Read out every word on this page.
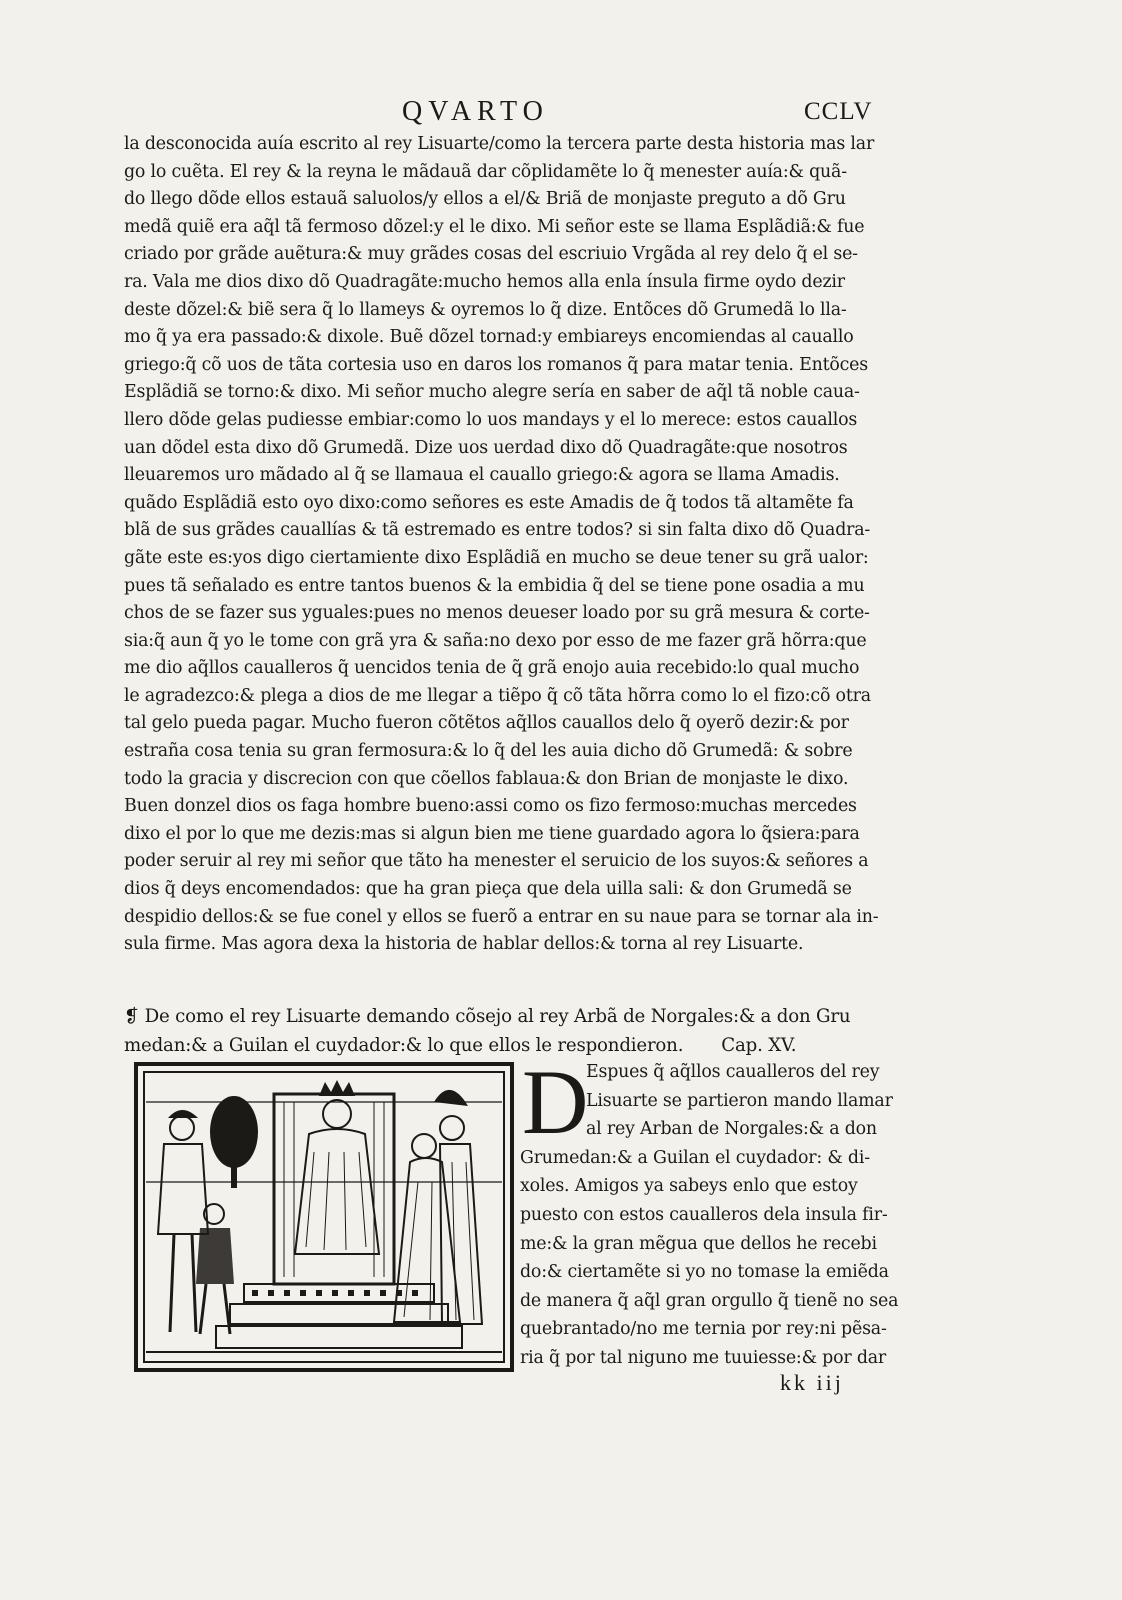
QVARTO	CCLV
la desconocida auía escrito al rey Lisuarte/como la tercera parte desta historia mas lar
go lo cuẽta. El rey & la reyna le mãdauã dar cõplidamẽte lo q̃ menester auía:& quã-
do llego dõde ellos estauã saluolos/y ellos a el/& Briã de monjaste preguto a dõ Gru
medã quiẽ era aq̃l tã fermoso dõzel:y el le dixo. Mi señor este se llama Esplãdiã:& fue
criado por grãde auẽtura:& muy grãdes cosas del escriuio Vrgãda al rey delo q̃ el se-
ra. Vala me dios dixo dõ Quadragãte:mucho hemos alla enla ínsula firme oydo dezir
deste dõzel:& biẽ sera q̃ lo llameys & oyremos lo q̃ dize. Entõces dõ Grumedã lo lla-
mo q̃ ya era passado:& dixole. Buẽ dõzel tornad:y embiareys encomiendas al cauallo
griego:q̃ cõ uos de tãta cortesia uso en daros los romanos q̃ para matar tenia. Entõces
Esplãdiã se torno:& dixo. Mi señor mucho alegre sería en saber de aq̃l tã noble caua-
llero dõde gelas pudiesse embiar:como lo uos mandays y el lo merece: estos cauallos
uan dõdel esta dixo dõ Grumedã. Dize uos uerdad dixo dõ Quadragãte:que nosotros
lleuaremos uro mãdado al q̃ se llamaua el cauallo griego:& agora se llama Amadis.
quãdo Esplãdiã esto oyo dixo:como señores es este Amadis de q̃ todos tã altamẽte fa
blã de sus grãdes cauallías & tã estremado es entre todos? si sin falta dixo dõ Quadra-
gãte este es:yos digo ciertamiente dixo Esplãdiã en mucho se deue tener su grã ualor:
pues tã señalado es entre tantos buenos & la embidia q̃ del se tiene pone osadia a mu
chos de se fazer sus yguales:pues no menos deueser loado por su grã mesura & corte-
sia:q̃ aun q̃ yo le tome con grã yra & saña:no dexo por esso de me fazer grã hõrra:que
me dio aq̃llos caualleros q̃ uencidos tenia de q̃ grã enojo auia recebido:lo qual mucho
le agradezco:& plega a dios de me llegar a tiẽpo q̃ cõ tãta hõrra como lo el fizo:cõ otra
tal gelo pueda pagar. Mucho fueron cõtẽtos aq̃llos cauallos delo q̃ oyerõ dezir:& por
estraña cosa tenia su gran fermosura:& lo q̃ del les auia dicho dõ Grumedã: & sobre
todo la gracia y discrecion con que cõellos fablaua:& don Brian de monjaste le dixo.
Buen donzel dios os faga hombre bueno:assi como os fizo fermoso:muchas mercedes
dixo el por lo que me dezis:mas si algun bien me tiene guardado agora lo q̃siera:para
poder seruir al rey mi señor que tãto ha menester el seruicio de los suyos:& señores a
dios q̃ deys encomendados: que ha gran pieça que dela uilla sali: & don Grumedã se
despidio dellos:& se fue conel y ellos se fuerõ a entrar en su naue para se tornar ala in-
sula firme. Mas agora dexa la historia de hablar dellos:& torna al rey Lisuarte.
❡ De como el rey Lisuarte demando cõsejo al rey Arbã de Norgales:& a don Gru
medan:& a Guilan el cuydador:& lo que ellos le respondieron. Cap. XV.
D
Espues q̃ aq̃llos caualleros del rey
Lisuarte se partieron mando llamar
al rey Arban de Norgales:& a don
Grumedan:& a Guilan el cuydador: & di-
xoles. Amigos ya sabeys enlo que estoy
puesto con estos caualleros dela insula fir-
me:& la gran mẽgua que dellos he recebi
do:& ciertamẽte si yo no tomase la emiẽda
de manera q̃ aq̃l gran orgullo q̃ tienẽ no sea
quebrantado/no me ternia por rey:ni pẽsa-
ria q̃ por tal niguno me tuuiesse:& por dar
kk iij
